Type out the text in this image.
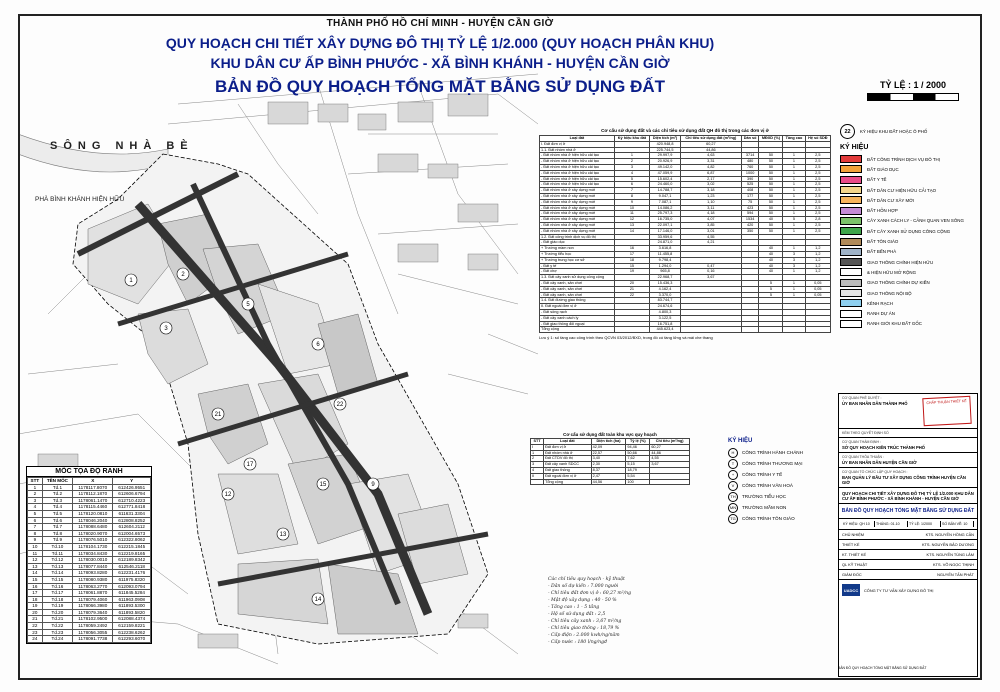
1
3
2
5
6
17
21
22
13
15
14
12
9
THÀNH PHỐ HỒ CHÍ MINH - HUYỆN CẦN GIỜ
QUY HOẠCH CHI TIẾT XÂY DỰNG ĐÔ THỊ TỶ LỆ 1/2.000 (QUY HOẠCH PHÂN KHU)
KHU DÂN CƯ ẤP BÌNH PHƯỚC - XÃ BÌNH KHÁNH - HUYỆN CẦN GIỜ
BẢN ĐỒ QUY HOẠCH TỔNG MẶT BẰNG SỬ DỤNG ĐẤT	TỶ LỆ : 1 / 2000
SÔNG NHÀ BÈ
PHÀ BÌNH KHÁNH HIỆN HỮU
MỐC TỌA ĐỘ RANH
STT	TÊN MỐC	X	Y
1	Td.1	1178117.8070	612426.9551
2	Td.2	1178112.1870	612606.6794
3	Td.3	1178061.1470	612710.4223
4	Td.4	1178115.4460	612771.8418
5	Td.5	1178120.0810	611631.3304
6	Td.6	1178046.2040	612808.8252
7	Td.7	1178088.6480	612604.2112
8	Td.8	1178020.9070	612004.6573
9	Td.9	1178076.5010	612322.8062
10	Td.10	1178104.1730	612215.1845
11	Td.11	1178034.8430	612219.8165
12	Td.12	1178030.0010	612189.8342
13	Td.13	1178077.8440	612546.2118
14	Td.14	1178093.8280	612231.4176
15	Td.15	1178080.9380	611975.8320
16	Td.16	1178063.2770	612093.0794
17	Td.17	1178061.8870	611845.5284
18	Td.18	1178079.4060	611963.0908
19	Td.19	1178066.3980	611893.5300
20	Td.20	1178079.3640	611893.5820
21	Td.21	1178102.9500	612088.4374
22	Td.22	1178059.2492	612159.8221
23	Td.23	1178056.3055	612238.6262
24	Td.24	1178091.7738	612293.6070
Cơ cấu sử dụng đất và các chỉ tiêu sử dụng đất QH đô thị trong các đơn vị ở
Loại đất	Ký hiệu khu đất	Diện tích (m²)	Chỉ tiêu sử dụng đất (m²/ng)	Dân số	MĐXD (%)	Tầng cao	Hệ số SDĐ
I. Đất đơn vị ở		420.948,8	60,27				
1.1. Đất nhóm nhà ở		225.744,5	44,86				
- Đất nhóm nhà ở hiện hữu cải tạo	1	29.997,9	4,63	3714	50	1	2,5
- Đất nhóm nhà ở hiện hữu cải tạo	2	20.926,9	3,31	480	50	1	2,5
- Đất nhóm nhà ở hiện hữu cải tạo	3	49.142,0	4,82	760	50	1	2,5
- Đất nhóm nhà ở hiện hữu cải tạo	4	47.059,9	6,87	1000	50	1	2,5
- Đất nhóm nhà ở hiện hữu cải tạo	5	15.602,4	2,17	390	50	1	2,5
- Đất nhóm nhà ở hiện hữu cải tạo	6	24.460,0	3,02	525	50	1	2,5
- Đất nhóm nhà ở xây dựng mới	7	14.788,7	3,18	408	50	1	2,5
- Đất nhóm nhà ở xây dựng mới	8	9.047,1	1,23	177	50	1	2,5
- Đất nhóm nhà ở xây dựng mới	9	7.087,1	1,10	75	50	1	2,5
- Đất nhóm nhà ở xây dựng mới	10	14.086,2	3,11	423	50	1	2,5
- Đất nhóm nhà ở xây dựng mới	11	25.797,3	4,18	594	50	1	2,5
- Đất nhóm nhà ở xây dựng mới	12	16.735,0	4,07	1534	40	5	2,8
- Đất nhóm nhà ở xây dựng mới	13	22.097,1	3,85	420	50	1	2,5
- Đất nhóm nhà ở xây dựng mới	14	17.146,0	3,01	350	50	1	2,5
1.2. Đất công trình dịch vụ đô thị		33.959,6	4,55				
- Đất giáo dục		24.871,0	4,21				
+ Trường mầm non	16	3.616,8			40	1	1,2
+ Trường tiểu học	17	11.455,8			40	3	1,2
+ Trường trung học cơ sở	18	9.798,4			40	3	1,2
- Đất y tế	15	1.294,0	0,47		40	3	1,2
- Đất chợ	19	965,8	0,16		40	1	1,2
1.3. Đất cây xanh sử dụng công cộng		22.968,7	3,67				
- Đất cây xanh, sân chơi	20	15.436,3			5	1	0,05
- Đất cây xanh, sân chơi	21	4.162,4			5	1	0,05
- Đất cây xanh, sân chơi	22	3.370,0			5	1	0,05
1.4. Đất đường giao thông		83.744,7					
II. Đất ngoài đơn vị ở		24.674,6					
- Đất sông rạch		4.800,3					
- Đất cây xanh cách ly		3.122,5					
- Đất giao thông đối ngoại		16.751,8					
Tổng cộng		445.623,4					
Lưu ý 1: số tầng cao công trình theo QCVN 03/2012/BXD, trong đó có tầng lửng và mái che thang
Cơ cấu sử dụng đất toàn khu vực quy hoạch
STT	Loại đất	Diện tích (ha)	Tỷ lệ (%)	Chỉ tiêu (m²/ng)
I	Đất đơn vị ở	42,09	94,46	60,27
1	Đất nhóm nhà ở	22,57	50,66	44,86
2	Đất CTDV đô thị	3,40	7,62	4,55
3	Đất cây xanh SDCC	2,30	5,15	3,67
4	Đất giao thông	8,37	18,79	
II	Đất ngoài đơn vị ở	2,47	5,54	
	Tổng cộng	44,56	100	
KÝ HIỆU
H	CÔNG TRÌNH HÀNH CHÁNH
T	CÔNG TRÌNH THƯƠNG MẠI
+	CÔNG TRÌNH Y TẾ
V	CÔNG TRÌNH VĂN HOÁ
TH	TRƯỜNG TIỂU HỌC
MN	TRƯỜNG MẦM NON
TG	CÔNG TRÌNH TÔN GIÁO
Các chỉ tiêu quy hoạch - kỹ thuật
- Dân số dự kiến : 7.000 người
- Chỉ tiêu đất đơn vị ở : 60,27 m²/ng
- Mật độ xây dựng : 40 - 50 %
- Tầng cao : 1 - 5 tầng
- Hệ số sử dụng đất : 2,5
- Chỉ tiêu cây xanh : 3,67 m²/ng
- Chỉ tiêu giao thông : 18,79 %
- Cấp điện : 2.000 kwh/ng/năm
- Cấp nước : 180 l/ng/ngđ
22	KÝ HIỆU KHU ĐẤT HOẶC Ô PHỐ
KÝ HIỆU
ĐẤT CÔNG TRÌNH DỊCH VỤ ĐÔ THỊ
ĐẤT GIÁO DỤC
ĐẤT Y TẾ
ĐẤT DÂN CƯ HIỆN HỮU CẢI TẠO
ĐẤT DÂN CƯ XÂY MỚI
ĐẤT HỖN HỢP
CÂY XANH CÁCH LY - CẢNH QUAN VEN SÔNG
ĐẤT CÂY XANH SỬ DỤNG CÔNG CỘNG
ĐẤT TÔN GIÁO
ĐẤT BẾN PHÀ
GIAO THÔNG CHÍNH HIỆN HỮU
& HIỆN HỮU MỞ RỘNG
GIAO THÔNG CHÍNH DỰ KIẾN
GIAO THÔNG NỘI BỘ
KÊNH RẠCH
RANH DỰ ÁN
RANH GIỚI KHU ĐẤT GỐC
CƠ QUAN PHÊ DUYỆT :
ỦY BAN NHÂN DÂN THÀNH PHỐ	CHẤP THUẬN THIẾT KẾ
KÈM THEO QUYẾT ĐỊNH SỐ
CƠ QUAN THẨM ĐỊNH :
SỞ QUY HOẠCH KIẾN TRÚC THÀNH PHỐ
CƠ QUAN THỎA THUẬN :
ỦY BAN NHÂN DÂN HUYỆN CẦN GIỜ
CƠ QUAN TỔ CHỨC LẬP QUY HOẠCH :
BAN QUẢN LÝ ĐẦU TƯ XÂY DỰNG CÔNG TRÌNH HUYỆN CẦN GIỜ
QUY HOẠCH CHI TIẾT XÂY DỰNG ĐÔ THỊ TỶ LỆ 1/2.000 KHU DÂN CƯ ẤP BÌNH PHƯỚC - XÃ BÌNH KHÁNH - HUYỆN CẦN GIỜ
BẢN ĐỒ QUY HOẠCH TỔNG MẶT BẰNG SỬ DỤNG ĐẤT
KÝ HIỆU: QH 10	THÁNG: 01.10	TỶ LỆ: 1/2000	SỐ BẢN VẼ: 10
CHỦ NHIỆM	KTS. NGUYỄN HỒNG CẦN
THIẾT KẾ	KTS. NGUYỄN BẢO DƯƠNG
KT. THIẾT KẾ	KTS. NGUYỄN TÙNG LÂM
QL KỸ THUẬT	KTS. VÕ NGỌC THỊNH
GIÁM ĐỐC	NGUYỄN TẤN PHÁT
UADCC	CÔNG TY TƯ VẤN XÂY DỰNG ĐÔ THỊ
BẢN ĐỒ QUY HOẠCH TỔNG MẶT BẰNG SỬ DỤNG ĐẤT
